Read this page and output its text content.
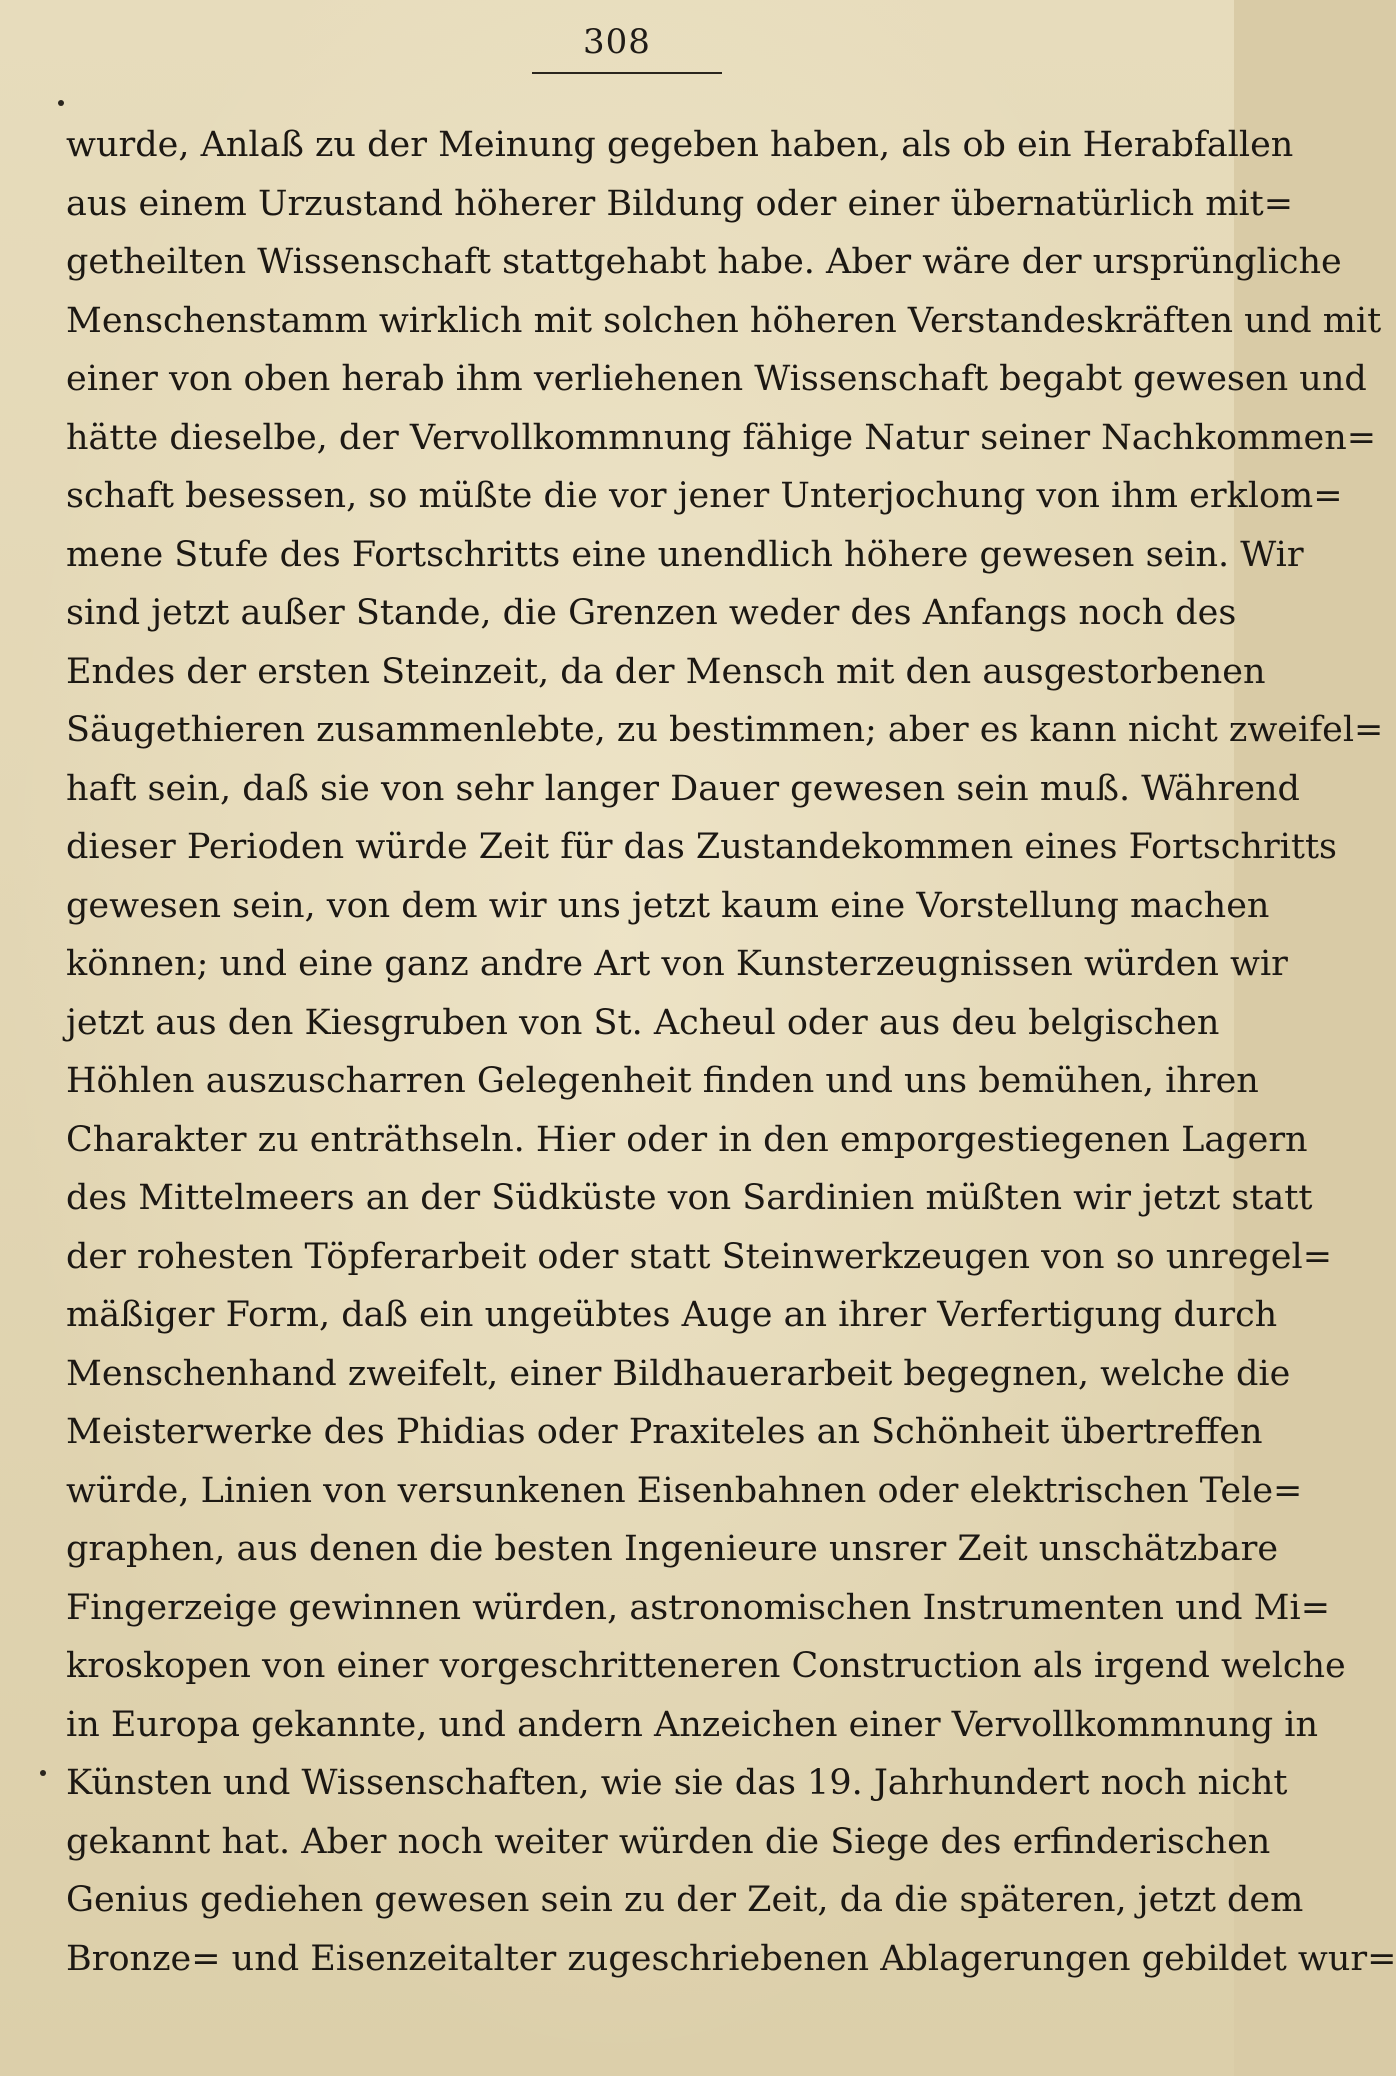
308

wurde, Anlaß zu der Meinung gegeben haben, als ob ein Herabfallen
aus einem Urzustand höherer Bildung oder einer übernatürlich mit=
getheilten Wissenschaft stattgehabt habe. Aber wäre der ursprüngliche
Menschenstamm wirklich mit solchen höheren Verstandeskräften und mit
einer von oben herab ihm verliehenen Wissenschaft begabt gewesen und
hätte dieselbe, der Vervollkommnung fähige Natur seiner Nachkommen=
schaft besessen, so müßte die vor jener Unterjochung von ihm erklom=
mene Stufe des Fortschritts eine unendlich höhere gewesen sein. Wir
sind jetzt außer Stande, die Grenzen weder des Anfangs noch des
Endes der ersten Steinzeit, da der Mensch mit den ausgestorbenen
Säugethieren zusammenlebte, zu bestimmen; aber es kann nicht zweifel=
haft sein, daß sie von sehr langer Dauer gewesen sein muß. Während
dieser Perioden würde Zeit für das Zustandekommen eines Fortschritts
gewesen sein, von dem wir uns jetzt kaum eine Vorstellung machen
können; und eine ganz andre Art von Kunsterzeugnissen würden wir
jetzt aus den Kiesgruben von St. Acheul oder aus deu belgischen
Höhlen auszuscharren Gelegenheit finden und uns bemühen, ihren
Charakter zu enträthseln. Hier oder in den emporgestiegenen Lagern
des Mittelmeers an der Südküste von Sardinien müßten wir jetzt statt
der rohesten Töpferarbeit oder statt Steinwerkzeugen von so unregel=
mäßiger Form, daß ein ungeübtes Auge an ihrer Verfertigung durch
Menschenhand zweifelt, einer Bildhauerarbeit begegnen, welche die
Meisterwerke des Phidias oder Praxiteles an Schönheit übertreffen
würde, Linien von versunkenen Eisenbahnen oder elektrischen Tele=
graphen, aus denen die besten Ingenieure unsrer Zeit unschätzbare
Fingerzeige gewinnen würden, astronomischen Instrumenten und Mi=
kroskopen von einer vorgeschritteneren Construction als irgend welche
in Europa gekannte, und andern Anzeichen einer Vervollkommnung in
Künsten und Wissenschaften, wie sie das 19. Jahrhundert noch nicht
gekannt hat. Aber noch weiter würden die Siege des erfinderischen
Genius gediehen gewesen sein zu der Zeit, da die späteren, jetzt dem
Bronze= und Eisenzeitalter zugeschriebenen Ablagerungen gebildet wur=
